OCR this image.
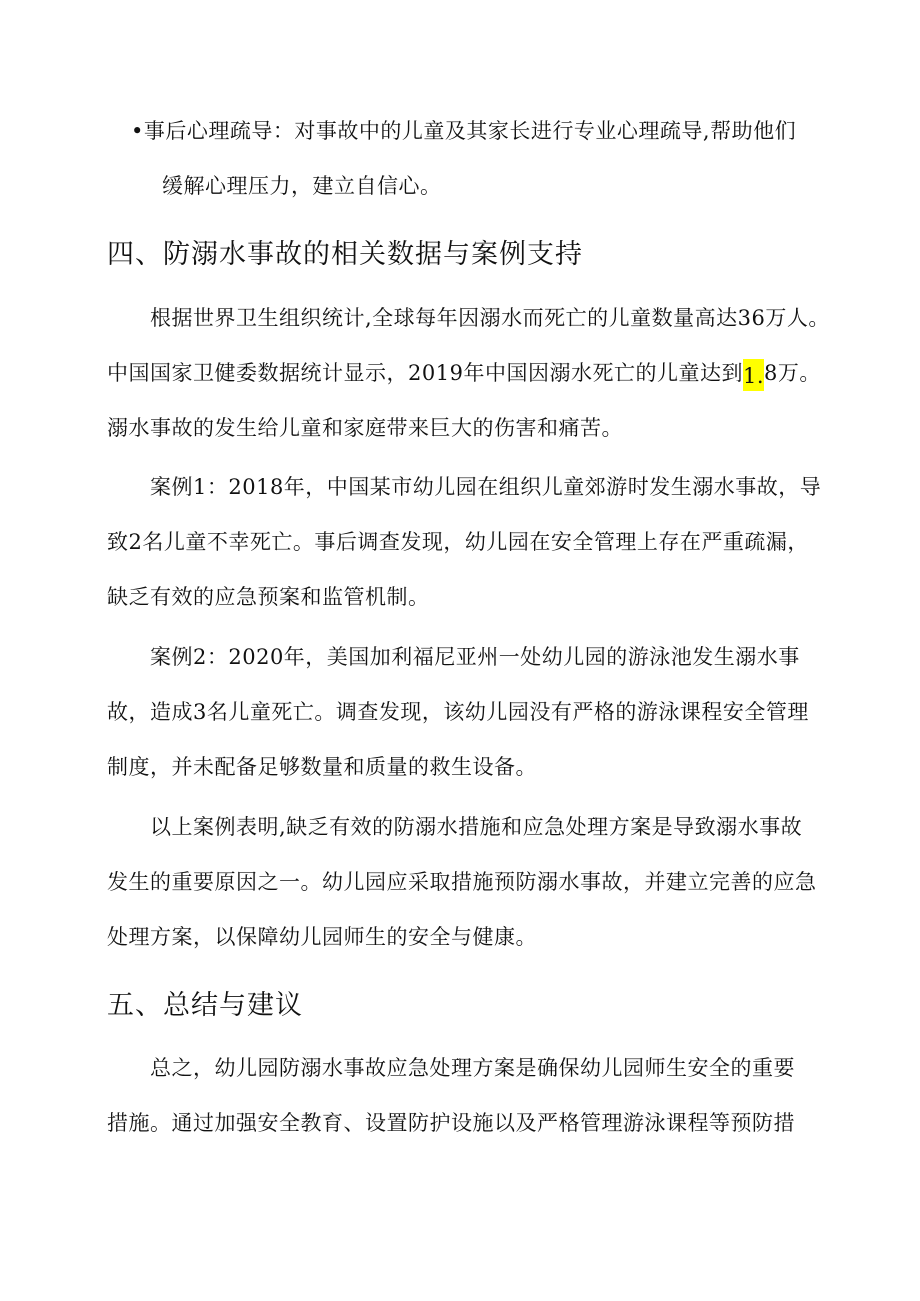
•事后心理疏导：对事故中的儿童及其家长进行专业心理疏导,帮助他们
缓解心理压力，建立自信心。
四、防溺水事故的相关数据与案例支持
根据世界卫生组织统计,全球每年因溺水而死亡的儿童数量高达36万人。
中国国家卫健委数据统计显示，2019年中国因溺水死亡的儿童达到1.8万。
溺水事故的发生给儿童和家庭带来巨大的伤害和痛苦。
案例1：2018年，中国某市幼儿园在组织儿童郊游时发生溺水事故，导
致2名儿童不幸死亡。事后调查发现，幼儿园在安全管理上存在严重疏漏，
缺乏有效的应急预案和监管机制。
案例2：2020年，美国加利福尼亚州一处幼儿园的游泳池发生溺水事
故，造成3名儿童死亡。调查发现，该幼儿园没有严格的游泳课程安全管理
制度，并未配备足够数量和质量的救生设备。
以上案例表明,缺乏有效的防溺水措施和应急处理方案是导致溺水事故
发生的重要原因之一。幼儿园应采取措施预防溺水事故，并建立完善的应急
处理方案，以保障幼儿园师生的安全与健康。
五、总结与建议
总之，幼儿园防溺水事故应急处理方案是确保幼儿园师生安全的重要
措施。通过加强安全教育、设置防护设施以及严格管理游泳课程等预防措
